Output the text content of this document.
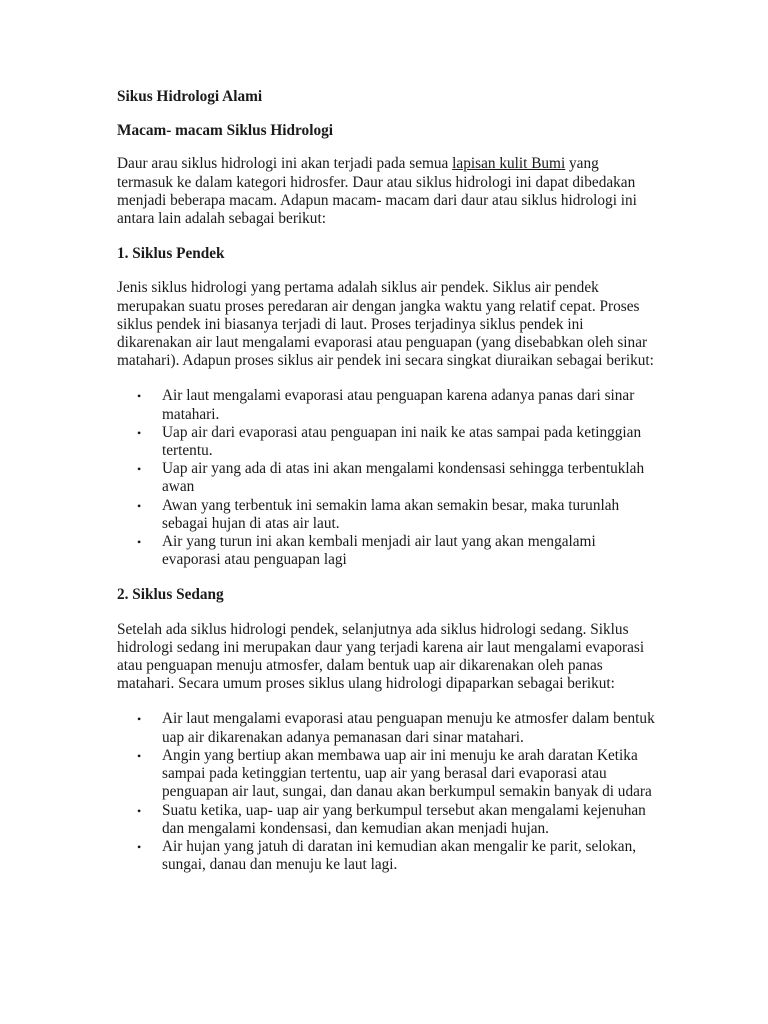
Sikus Hidrologi Alami

Macam- macam Siklus Hidrologi

Daur arau siklus hidrologi ini akan terjadi pada semua lapisan kulit Bumi yang termasuk ke dalam kategori hidrosfer. Daur atau siklus hidrologi ini dapat dibedakan menjadi beberapa macam. Adapun macam- macam dari daur atau siklus hidrologi ini antara lain adalah sebagai berikut:

1. Siklus Pendek

Jenis siklus hidrologi yang pertama adalah siklus air pendek. Siklus air pendek merupakan suatu proses peredaran air dengan jangka waktu yang relatif cepat. Proses siklus pendek ini biasanya terjadi di laut. Proses terjadinya siklus pendek ini dikarenakan air laut mengalami evaporasi atau penguapan (yang disebabkan oleh sinar matahari). Adapun proses siklus air pendek ini secara singkat diuraikan sebagai berikut:

• Air laut mengalami evaporasi atau penguapan karena adanya panas dari sinar matahari.
• Uap air dari evaporasi atau penguapan ini naik ke atas sampai pada ketinggian tertentu.
• Uap air yang ada di atas ini akan mengalami kondensasi sehingga terbentuklah awan
• Awan yang terbentuk ini semakin lama akan semakin besar, maka turunlah sebagai hujan di atas air laut.
• Air yang turun ini akan kembali menjadi air laut yang akan mengalami evaporasi atau penguapan lagi

2. Siklus Sedang

Setelah ada siklus hidrologi pendek, selanjutnya ada siklus hidrologi sedang. Siklus hidrologi sedang ini merupakan daur yang terjadi karena air laut mengalami evaporasi atau penguapan menuju atmosfer, dalam bentuk uap air dikarenakan oleh panas matahari. Secara umum proses siklus ulang hidrologi dipaparkan sebagai berikut:

• Air laut mengalami evaporasi atau penguapan menuju ke atmosfer dalam bentuk uap air dikarenakan adanya pemanasan dari sinar matahari.
• Angin yang bertiup akan membawa uap air ini menuju ke arah daratan Ketika sampai pada ketinggian tertentu, uap air yang berasal dari evaporasi atau penguapan air laut, sungai, dan danau akan berkumpul semakin banyak di udara
• Suatu ketika, uap- uap air yang berkumpul tersebut akan mengalami kejenuhan dan mengalami kondensasi, dan kemudian akan menjadi hujan.
• Air hujan yang jatuh di daratan ini kemudian akan mengalir ke parit, selokan, sungai, danau dan menuju ke laut lagi.
